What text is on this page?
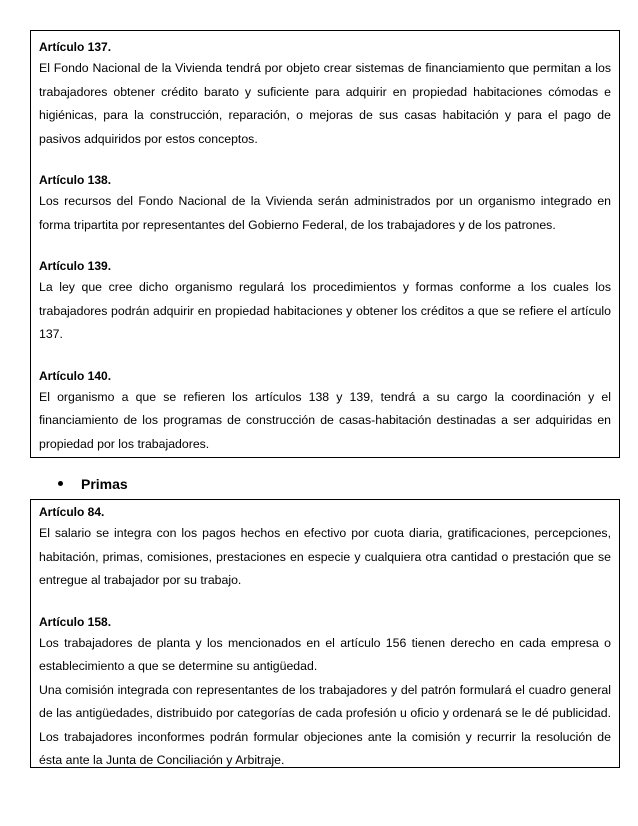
Artículo 137.

El Fondo Nacional de la Vivienda tendrá por objeto crear sistemas de financiamiento que permitan a los trabajadores obtener crédito barato y suficiente para adquirir en propiedad habitaciones cómodas e higiénicas, para la construcción, reparación, o mejoras de sus casas habitación y para el pago de pasivos adquiridos por estos conceptos.

Artículo 138.

Los recursos del Fondo Nacional de la Vivienda serán administrados por un organismo integrado en forma tripartita por representantes del Gobierno Federal, de los trabajadores y de los patrones.

Artículo 139.

La ley que cree dicho organismo regulará los procedimientos y formas conforme a los cuales los trabajadores podrán adquirir en propiedad habitaciones y obtener los créditos a que se refiere el artículo 137.

Artículo 140.

El organismo a que se refieren los artículos 138 y 139, tendrá a su cargo la coordinación y el financiamiento de los programas de construcción de casas-habitación destinadas a ser adquiridas en propiedad por los trabajadores.

Primas

Artículo 84.

El salario se integra con los pagos hechos en efectivo por cuota diaria, gratificaciones, percepciones, habitación, primas, comisiones, prestaciones en especie y cualquiera otra cantidad o prestación que se entregue al trabajador por su trabajo.

Artículo 158.

Los trabajadores de planta y los mencionados en el artículo 156 tienen derecho en cada empresa o establecimiento a que se determine su antigüedad.

Una comisión integrada con representantes de los trabajadores y del patrón formulará el cuadro general de las antigüedades, distribuido por categorías de cada profesión u oficio y ordenará se le dé publicidad. Los trabajadores inconformes podrán formular objeciones ante la comisión y recurrir la resolución de ésta ante la Junta de Conciliación y Arbitraje.
